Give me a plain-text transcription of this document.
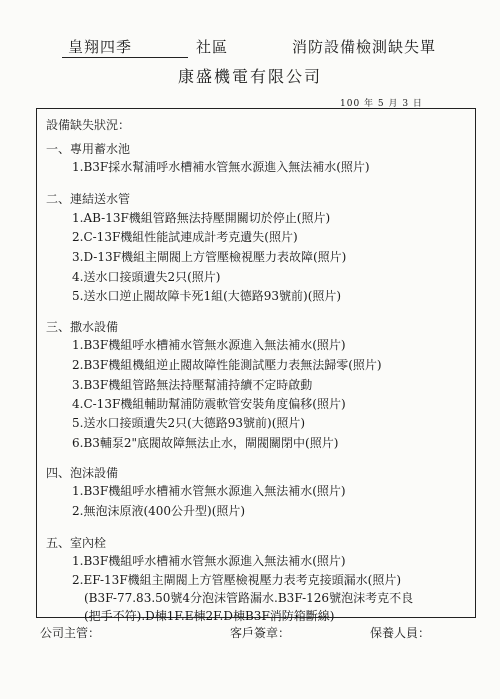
皇翔四季	社區	消防設備檢測缺失單
康盛機電有限公司
100 年 5 月 3 日
設備缺失狀況：
一、專用蓄水池
1.B3F採水幫浦呼水槽補水管無水源進入無法補水(照片)
二、連結送水管
1.AB-13F機組管路無法持壓開關切於停止(照片)
2.C-13F機組性能試連成計考克遺失(照片)
3.D-13F機組主閘閥上方管壓檢視壓力表故障(照片)
4.送水口接頭遺失2只(照片)
5.送水口逆止閥故障卡死1組(大德路93號前)(照片)
三、撒水設備
1.B3F機組呼水槽補水管無水源進入無法補水(照片)
2.B3F機組機組逆止閥故障性能測試壓力表無法歸零(照片)
3.B3F機組管路無法持壓幫浦持續不定時啟動
4.C-13F機組輔助幫浦防震軟管安裝角度偏移(照片)
5.送水口接頭遺失2只(大德路93號前)(照片)
6.B3輔泵2"底閥故障無法止水，閘閥關閉中(照片)
四、泡沫設備
1.B3F機組呼水槽補水管無水源進入無法補水(照片)
2.無泡沫原液(400公升型)(照片)
五、室內栓
1.B3F機組呼水槽補水管無水源進入無法補水(照片)
2.EF-13F機組主閘閥上方管壓檢視壓力表考克接頭漏水(照片)
(B3F-77.83.50號4分泡沫管路漏水.B3F-126號泡沫考克不良
(把手不符).D棟1F.E棟2F.D棟B3F消防箱斷線)
公司主管：	客戶簽章：	保養人員：
